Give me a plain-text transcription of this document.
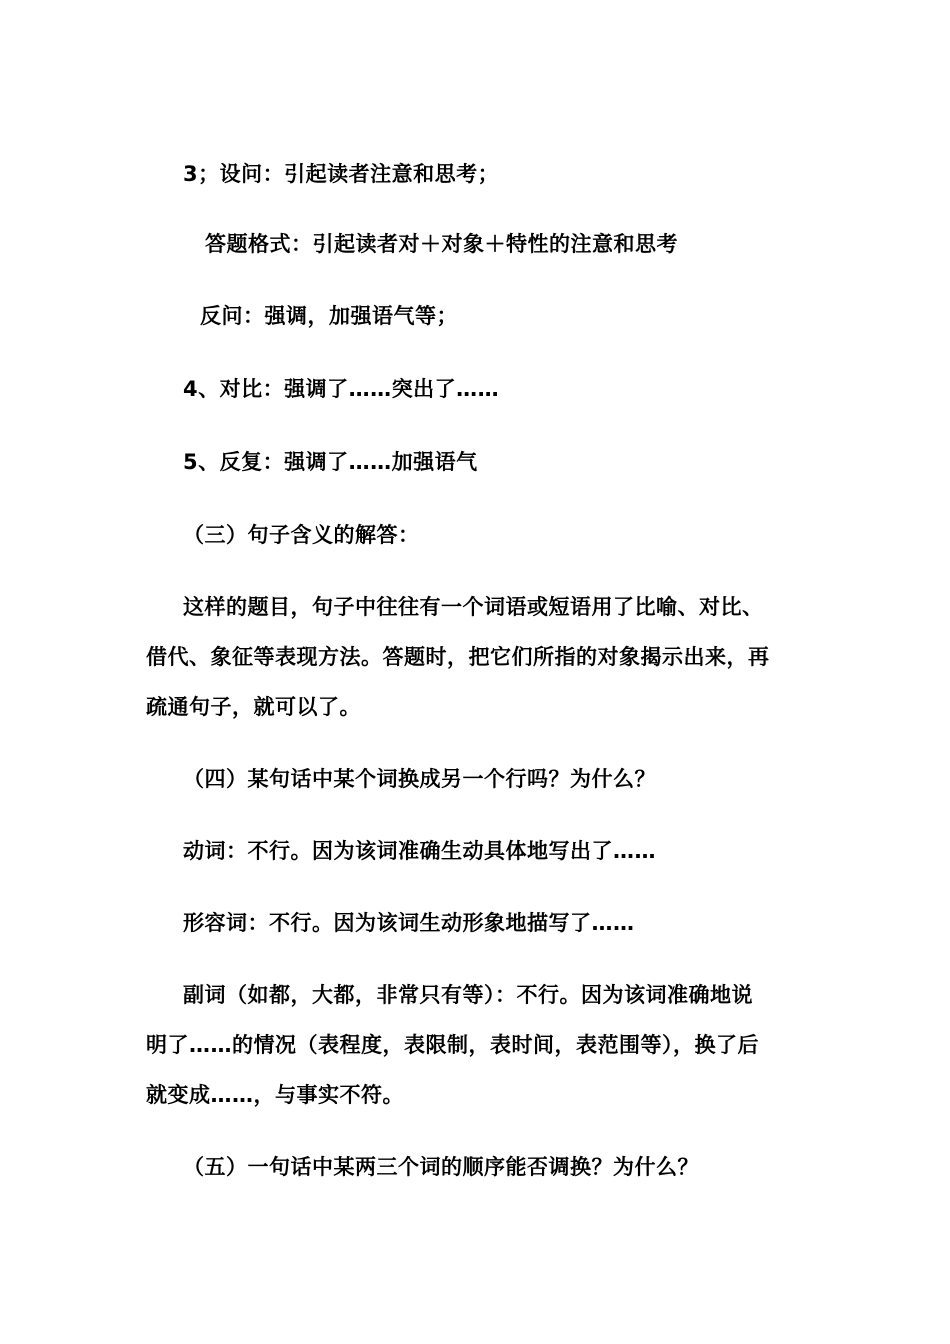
3；设问：引起读者注意和思考；
答题格式：引起读者对＋对象＋特性的注意和思考
反问：强调，加强语气等；
4、对比：强调了……突出了……
5、反复：强调了……加强语气
（三）句子含义的解答：
这样的题目，句子中往往有一个词语或短语用了比喻、对比、
借代、象征等表现方法。答题时，把它们所指的对象揭示出来，再
疏通句子，就可以了。
（四）某句话中某个词换成另一个行吗？为什么？
动词：不行。因为该词准确生动具体地写出了……
形容词：不行。因为该词生动形象地描写了……
副词（如都，大都，非常只有等）：不行。因为该词准确地说
明了……的情况（表程度，表限制，表时间，表范围等），换了后
就变成……，与事实不符。
（五）一句话中某两三个词的顺序能否调换？为什么？
